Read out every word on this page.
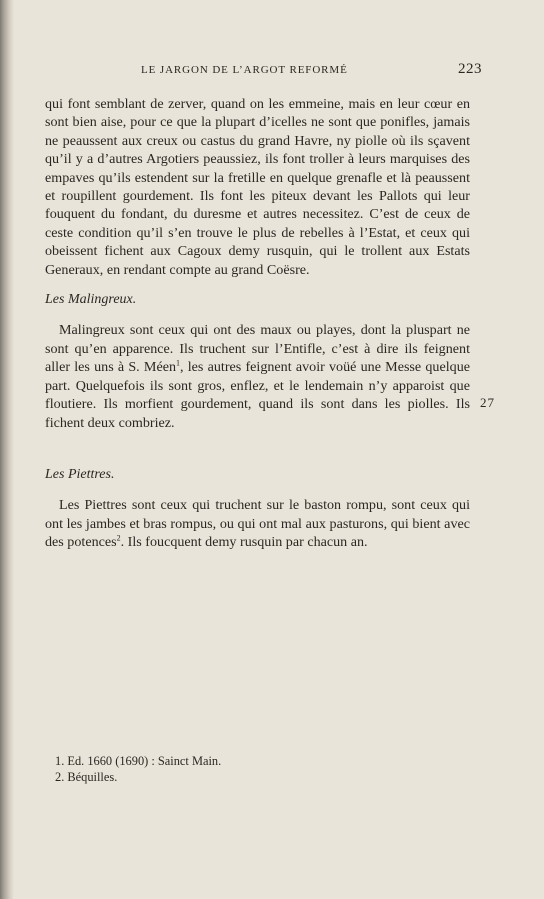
LE JARGON DE L’ARGOT REFORMÉ	223

qui font semblant de zerver, quand on les emmeine, mais en leur cœur en sont bien aise, pour ce que la plupart d’icelles ne sont que ponifles, jamais ne peaussent aux creux ou castus du grand Havre, ny piolle où ils sçavent qu’il y a d’autres Argotiers peaussiez, ils font troller à leurs marquises des empaves qu’ils estendent sur la fretille en quelque grenafle et là peaussent et roupillent gourdement. Ils font les piteux devant les Pallots qui leur fouquent du fondant, du duresme et autres necessitez. C’est de ceux de ceste condition qu’il s’en trouve le plus de rebelles à l’Estat, et ceux qui obeissent fichent aux Cagoux demy rusquin, qui le trollent aux Estats Generaux, en rendant compte au grand Coësre.

Les Malingreux.

Malingreux sont ceux qui ont des maux ou playes, dont la pluspart ne sont qu’en apparence. Ils truchent sur l’Entifle, c’est à dire ils feignent aller les uns à S. Méen$^1$, les autres feignent avoir voüé une Messe quelque part. Quelquefois ils sont gros, enflez, et le lendemain n’y apparoist que floutiere. Ils morfient gourdement, quand ils sont dans les piolles. Ils fichent deux combriez.

Les Piettres.

Les Piettres sont ceux qui truchent sur le baston rompu, sont ceux qui ont les jambes et bras rompus, ou qui ont mal aux pasturons, qui bient avec des potences$^2$. Ils foucquent demy rusquin par chacun an.

27

1. Ed. 1660 (1690) : Sainct Main.

2. Béquilles.
